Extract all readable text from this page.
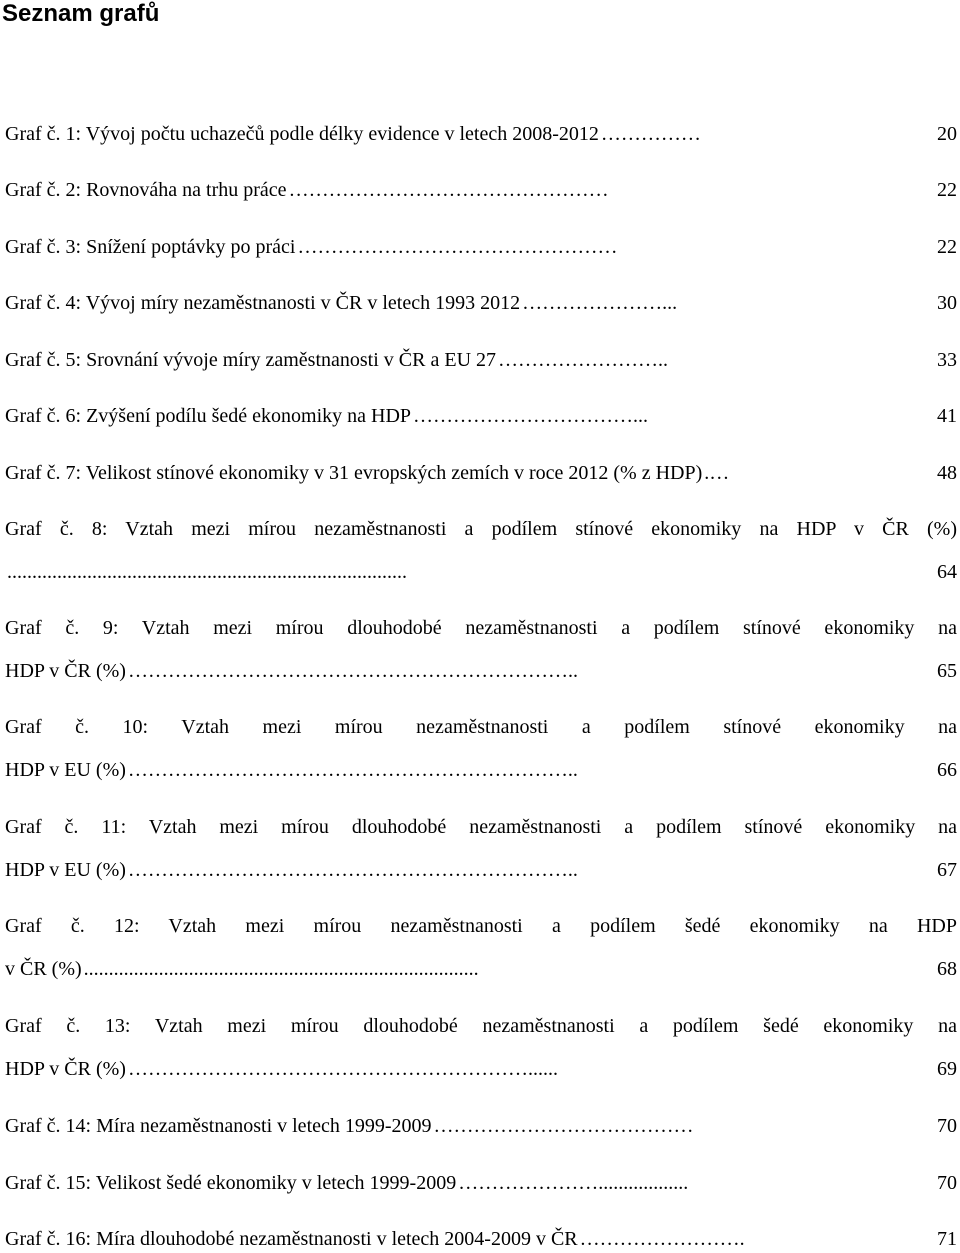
Seznam grafů
Graf č. 1: Vývoj počtu uchazečů podle délky evidence v letech 2008-2012 ……………	20
Graf č. 2: Rovnováha na trhu práce …………………………………………	22
Graf č. 3: Snížení poptávky po práci …………………………………………	22
Graf č. 4: Vývoj míry nezaměstnanosti v ČR v letech 1993 2012 …………………...	30
Graf č. 5: Srovnání vývoje míry zaměstnanosti v ČR a EU 27 ……………………..	33
Graf č. 6: Zvýšení podílu šedé ekonomiky na HDP ……………………………...	41
Graf č. 7: Velikost stínové ekonomiky v 31 evropských zemích v roce 2012 (% z HDP) .…	48
Graf č. 8: Vztah mezi mírou nezaměstnanosti a podílem stínové ekonomiky na HDP v ČR (%)
................................................................................	64
Graf č. 9: Vztah mezi mírou dlouhodobé nezaměstnanosti a podílem stínové ekonomiky na
HDP v ČR (%) …………………………………………………………..	65
Graf č. 10: Vztah mezi mírou nezaměstnanosti a podílem stínové ekonomiky na
HDP v EU (%) …………………………………………………………..	66
Graf č. 11: Vztah mezi mírou dlouhodobé nezaměstnanosti a podílem stínové ekonomiky na
HDP v EU (%) …………………………………………………………..	67
Graf č. 12: Vztah mezi mírou nezaměstnanosti a podílem šedé ekonomiky na HDP
v ČR (%) ...............................................................................	68
Graf č. 13: Vztah mezi mírou dlouhodobé nezaměstnanosti a podílem šedé ekonomiky na
HDP v ČR (%) ……………………………………………………......	69
Graf č. 14: Míra nezaměstnanosti v letech 1999-2009 …………………………………	70
Graf č. 15: Velikost šedé ekonomiky v letech 1999-2009 …………………..................	70
Graf č. 16: Míra dlouhodobé nezaměstnanosti v letech 2004-2009 v ČR …………………….	71
